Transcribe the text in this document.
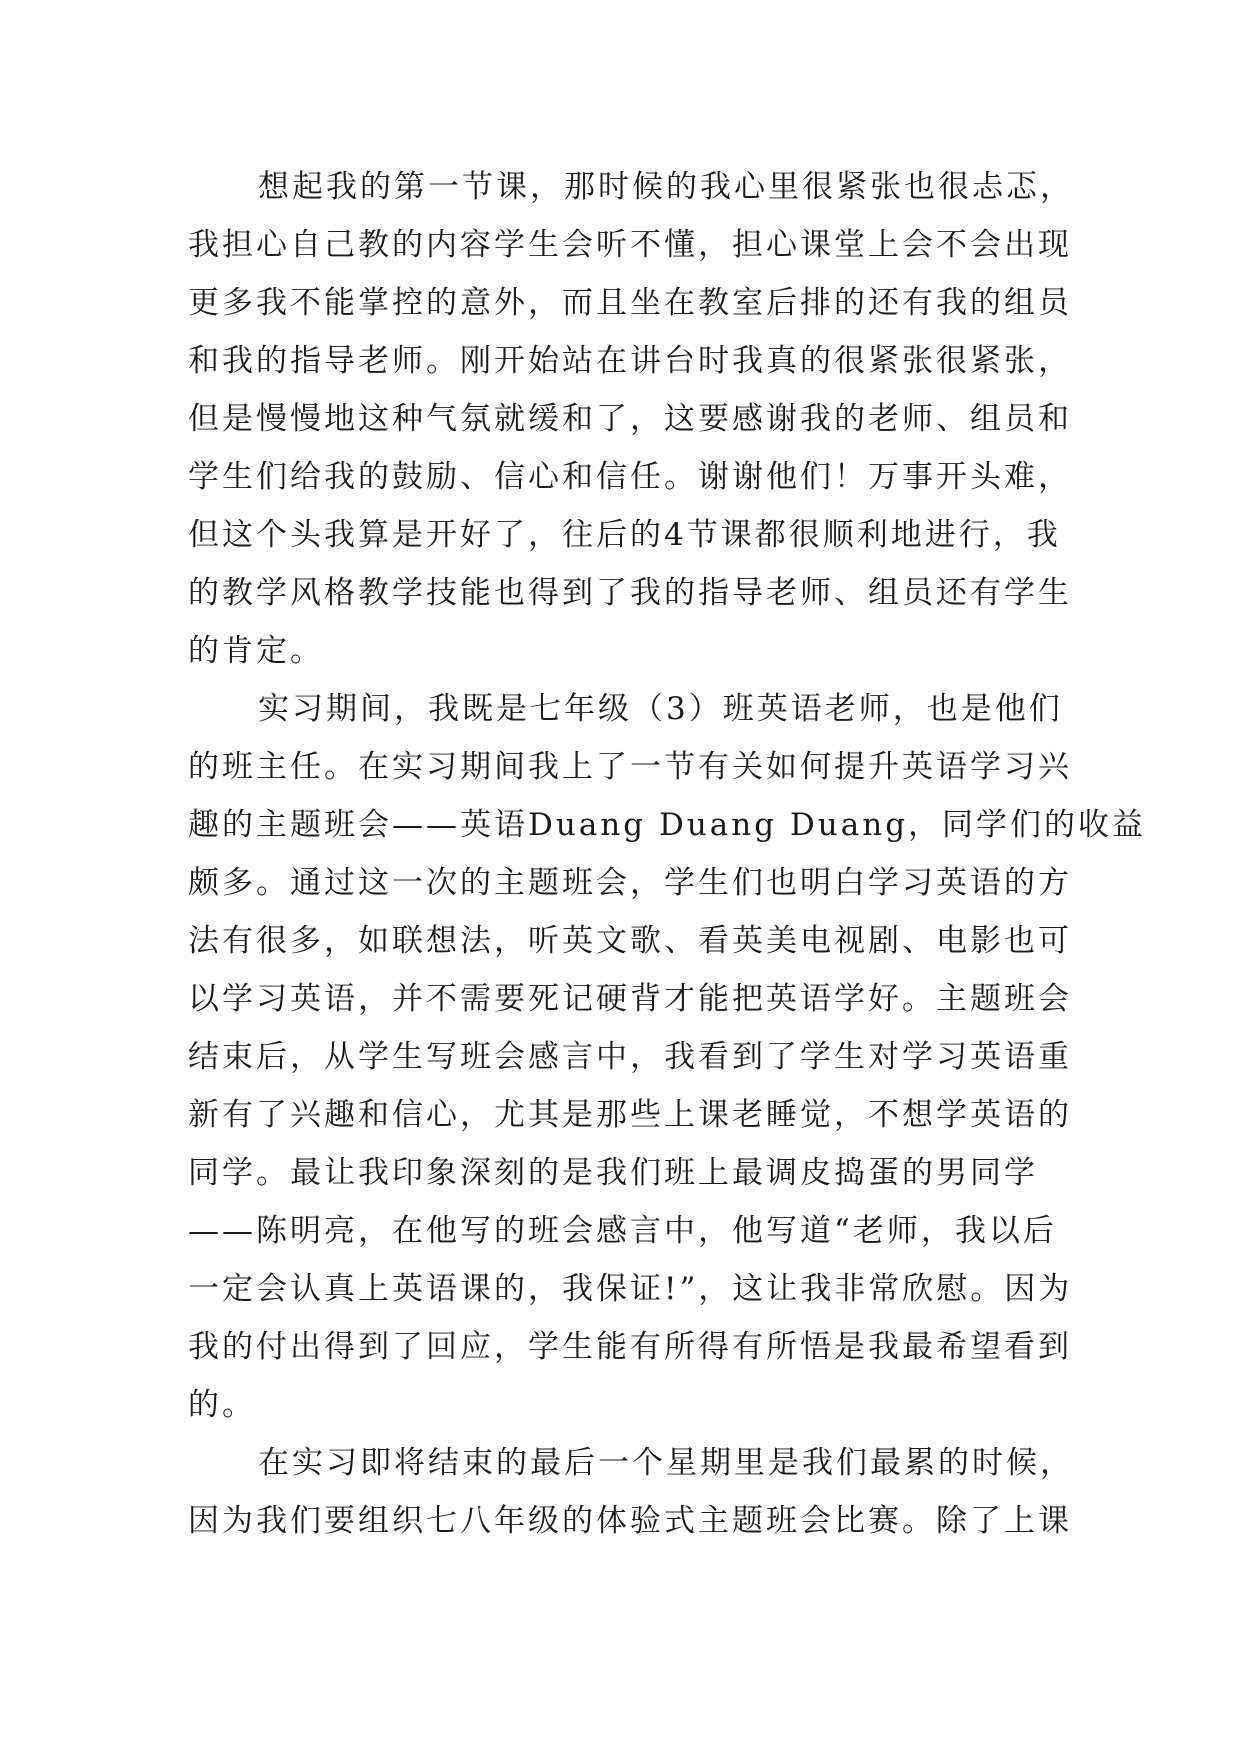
想起我的第一节课，那时候的我心里很紧张也很忐忑，
我担心自己教的内容学生会听不懂，担心课堂上会不会出现
更多我不能掌控的意外，而且坐在教室后排的还有我的组员
和我的指导老师。刚开始站在讲台时我真的很紧张很紧张，
但是慢慢地这种气氛就缓和了，这要感谢我的老师、组员和
学生们给我的鼓励、信心和信任。谢谢他们！万事开头难，
但这个头我算是开好了，往后的4节课都很顺利地进行，我
的教学风格教学技能也得到了我的指导老师、组员还有学生
的肯定。
实习期间，我既是七年级（3）班英语老师，也是他们
的班主任。在实习期间我上了一节有关如何提升英语学习兴
趣的主题班会——英语Duang Duang Duang，同学们的收益
颇多。通过这一次的主题班会，学生们也明白学习英语的方
法有很多，如联想法，听英文歌、看英美电视剧、电影也可
以学习英语，并不需要死记硬背才能把英语学好。主题班会
结束后，从学生写班会感言中，我看到了学生对学习英语重
新有了兴趣和信心，尤其是那些上课老睡觉，不想学英语的
同学。最让我印象深刻的是我们班上最调皮捣蛋的男同学
——陈明亮，在他写的班会感言中，他写道“老师，我以后
一定会认真上英语课的，我保证!”，这让我非常欣慰。因为
我的付出得到了回应，学生能有所得有所悟是我最希望看到
的。
在实习即将结束的最后一个星期里是我们最累的时候，
因为我们要组织七八年级的体验式主题班会比赛。除了上课
